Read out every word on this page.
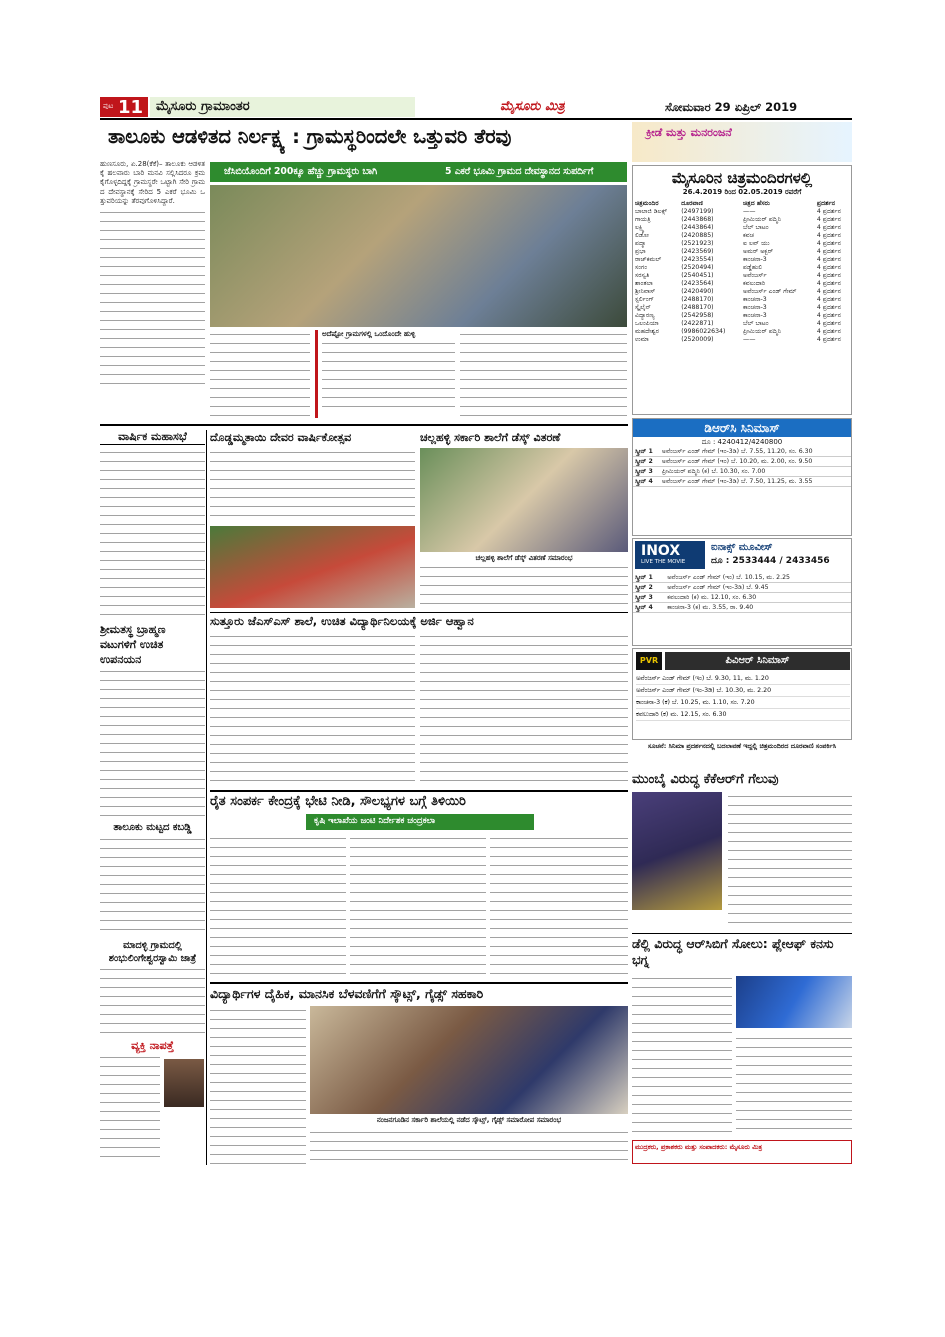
ಪುಟ 11 ಮೈಸೂರು ಗ್ರಾಮಾಂತರ	ಮೈಸೂರು ಮಿತ್ರ	ಸೋಮವಾರ 29 ಏಪ್ರಿಲ್ 2019
ತಾಲೂಕು ಆಡಳಿತದ ನಿರ್ಲಕ್ಷ್ಯ : ಗ್ರಾಮಸ್ಥರಿಂದಲೇ ಒತ್ತುವರಿ ತೆರವು
ಜೆಸಿಬಿಯೊಂದಿಗೆ 200ಕ್ಕೂ ಹೆಚ್ಚು ಗ್ರಾಮಸ್ಥರು ಬಾಗಿ	5 ಎಕರೆ ಭೂಮಿ ಗ್ರಾಮದ ದೇವಸ್ಥಾನದ ಸುಪರ್ದಿಗೆ

ಹುಣಸೂರು, ಏ.28(ಕೆಕೆ)– ತಾಲೂಕು ಆಡಳಿತಕ್ಕೆ ಹಲವಾರು ಬಾರಿ ಮನವಿ ಸಲ್ಲಿಸಿದರೂ ಕ್ರಮ ಕೈಗೊಳ್ಳದಿದ್ದಕ್ಕೆ ಗ್ರಾಮಸ್ಥರೇ ಒಟ್ಟಾಗಿ ಸೇರಿ ಗ್ರಾಮದ ದೇವಸ್ಥಾನಕ್ಕೆ ಸೇರಿದ 5 ಎಕರೆ ಭೂಮಿ ಒತ್ತುವರಿಯನ್ನು ತೆರವುಗೊಳಿಸಿದ್ದಾರೆ.

ಅದೆಷ್ಟೋ ಗ್ರಾಮಗಳಲ್ಲಿ ಒಂದೊಂದೇ ಹುಳ್ಳಿ
ಕ್ರೀಡೆ ಮತ್ತು ಮನರಂಜನೆ
ಮೈಸೂರಿನ ಚಿತ್ರಮಂದಿರಗಳಲ್ಲಿ
26.4.2019 ರಿಂದ 02.05.2019 ರವರೆಗೆ
ಚಿತ್ರಮಂದಿರ	ದೂರವಾಣಿ	ಚಿತ್ರದ ಹೆಸರು	ಪ್ರದರ್ಶನ
ಬಾಲಾಜಿ ಡಿಲಕ್ಸ್	(2497199)	——	4 ಪ್ರದರ್ಶನ
ಗಾಯತ್ರಿ	(2443868)	ಪ್ರೀಮಿಯರ್ ಪದ್ಮಿನಿ	4 ಪ್ರದರ್ಶನ
ಲಕ್ಷ್ಮಿ	(2443864)	ಬೆಲ್ ಬಾಟಂ	4 ಪ್ರದರ್ಶನ
ಲಿಡೋ	(2420885)	ಕವಚ	4 ಪ್ರದರ್ಶನ
ಪದ್ಮಾ	(2521923)	ಐ ಲವ್ ಯು	4 ಪ್ರದರ್ಶನ
ಪ್ರಭಾ	(2423569)	ಅಮರ್ ಅಕ್ಬರ್	4 ಪ್ರದರ್ಶನ
ರಾಜ್‌ಕಮಲ್	(2423554)	ಕಾಂಚನಾ-3	4 ಪ್ರದರ್ಶನ
ಸಂಗಂ	(2520494)	ಪಡ್ಡೆಹುಲಿ	4 ಪ್ರದರ್ಶನ
ಸರಸ್ವತಿ	(2540451)	ಅವೆಂಜರ್ಸ್	4 ಪ್ರದರ್ಶನ
ಶಾಂತಲಾ	(2423564)	ಕವಲುದಾರಿ	4 ಪ್ರದರ್ಶನ
ಶ್ರೀನಿವಾಸ್	(2420490)	ಅವೆಂಜರ್ಸ್ ಎಂಡ್ ಗೇಮ್	4 ಪ್ರದರ್ಶನ
ಸ್ಟರ್ಲಿಂಗ್	(2488170)	ಕಾಂಚನಾ-3	4 ಪ್ರದರ್ಶನ
ಸ್ಕೈಲೈನ್	(2488170)	ಕಾಂಚನಾ-3	4 ಪ್ರದರ್ಶನ
ವಿದ್ಯಾರಣ್ಯ	(2542958)	ಕಾಂಚನಾ-3	4 ಪ್ರದರ್ಶನ
ಒಲಂಪಿಯಾ	(2422871)	ಬೆಲ್ ಬಾಟಂ	4 ಪ್ರದರ್ಶನ
ಮಹದೇಶ್ವರ	(9986022634)	ಪ್ರೀಮಿಯರ್ ಪದ್ಮಿನಿ	4 ಪ್ರದರ್ಶನ
ಉಮಾ	(2520009)	——	4 ಪ್ರದರ್ಶನ
ಡಿಆರ್‌ಸಿ ಸಿನಿಮಾಸ್
ದೂ : 4240412/4240800
ಸ್ಕ್ರೀನ್ 1	ಅವೆಂಜರ್ಸ್ ಎಂಡ್ ಗೇಮ್ (ಇಂ-3ಡಿ) ಬೆ. 7.55, 11.20, ಸಂ. 6.30
ಸ್ಕ್ರೀನ್ 2	ಅವೆಂಜರ್ಸ್ ಎಂಡ್ ಗೇಮ್ (ಇಂ) ಬೆ. 10.20, ಮ. 2.00, ಸಂ. 9.50
ಸ್ಕ್ರೀನ್ 3	ಪ್ರೀಮಿಯರ್ ಪದ್ಮಿನಿ (ಕ) ಬೆ. 10.30, ಸಂ. 7.00
ಸ್ಕ್ರೀನ್ 4	ಅವೆಂಜರ್ಸ್ ಎಂಡ್ ಗೇಮ್ (ಇಂ-3ಡಿ) ಬೆ. 7.50, 11.25, ಮ. 3.55
INOX
LIVE THE MOVIE
ಐನಾಕ್ಸ್ ಮೂವೀಸ್
ದೂ : 2533444 / 2433456
ಸ್ಕ್ರೀನ್ 1	ಅವೆಂಜರ್ಸ್ ಎಂಡ್ ಗೇಮ್ (ಇಂ) ಬೆ. 10.15, ಮ. 2.25
ಸ್ಕ್ರೀನ್ 2	ಅವೆಂಜರ್ಸ್ ಎಂಡ್ ಗೇಮ್ (ಇಂ-3ಡಿ) ಬೆ. 9.45
ಸ್ಕ್ರೀನ್ 3	ಕವಲುದಾರಿ (ಕ) ಮ. 12.10, ಸಂ. 6.30
ಸ್ಕ್ರೀನ್ 4	ಕಾಂಚನಾ-3 (ಕ) ಮ. 3.55, ರಾ. 9.40
PVR	ಪಿವಿಆರ್ ಸಿನಿಮಾಸ್
ಅವೆಂಜರ್ಸ್ ಎಂಡ್ ಗೇಮ್ (ಇಂ) ಬೆ. 9.30, 11, ಮ. 1.20
ಅವೆಂಜರ್ಸ್ ಎಂಡ್ ಗೇಮ್ (ಇಂ-3ಡಿ) ಬೆ. 10.30, ಮ. 2.20
ಕಾಂಚನಾ-3 (ಕ) ಬೆ. 10.25, ಮ. 1.10, ಸಂ. 7.20
ಕವಲುದಾರಿ (ಕ) ಮ. 12.15, ಸಂ. 6.30
ಸೂಚನೆ: ಸಿನಿಮಾ ಪ್ರದರ್ಶನದಲ್ಲಿ ಬದಲಾವಣೆ ಇದ್ದಲ್ಲಿ ಚಿತ್ರಮಂದಿರದ ದೂರವಾಣಿ ಸಂಪರ್ಕಿಸಿ
ಮುಂಬೈ ವಿರುದ್ಧ ಕೆಕೆಆರ್‌ಗೆ ಗೆಲುವು
ಡೆಲ್ಲಿ ವಿರುದ್ಧ ಆರ್‌ಸಿಬಿಗೆ ಸೋಲು: ಪ್ಲೇಆಫ್ ಕನಸು ಭಗ್ನ
ಮುದ್ರಕರು, ಪ್ರಕಾಶಕರು ಮತ್ತು ಸಂಪಾದಕರು: ಮೈಸೂರು ಮಿತ್ರ
ವಾರ್ಷಿಕ ಮಹಾಸಭೆ
ಶ್ರೀಮತಸ್ಥ ಬ್ರಾಹ್ಮಣ ವಟುಗಳಿಗೆ ಉಚಿತ ಉಪನಯನ
ತಾಲೂಕು ಮಟ್ಟದ ಕಬಡ್ಡಿ
ಮಾದಳ್ಳಿ ಗ್ರಾಮದಲ್ಲಿ ಶಂಭುಲಿಂಗೇಶ್ವರಸ್ವಾಮಿ ಜಾತ್ರೆ
ವ್ಯಕ್ತಿ ನಾಪತ್ತೆ
ದೊಡ್ಡಮ್ಮತಾಯಿ ದೇವರ ವಾರ್ಷಿಕೋತ್ಸವ	ಚಲ್ಲಹಳ್ಳಿ ಸರ್ಕಾರಿ ಶಾಲೆಗೆ ಡೆಸ್ಕ್ ವಿತರಣೆ
ಚಲ್ಲಹಳ್ಳಿ ಶಾಲೆಗೆ ಡೆಸ್ಕ್ ವಿತರಣೆ ಸಮಾರಂಭ
ಸುತ್ತೂರು ಜೆಎಸ್‌ಎಸ್ ಶಾಲೆ, ಉಚಿತ ವಿದ್ಯಾರ್ಥಿನಿಲಯಕ್ಕೆ ಅರ್ಜಿ ಆಹ್ವಾನ
ರೈತ ಸಂಪರ್ಕ ಕೇಂದ್ರಕ್ಕೆ ಭೇಟಿ ನೀಡಿ, ಸೌಲಭ್ಯಗಳ ಬಗ್ಗೆ ತಿಳಿಯಿರಿ
ಕೃಷಿ ಇಲಾಖೆಯ ಜಂಟಿ ನಿರ್ದೇಶಕ ಚಂದ್ರಕಲಾ
ವಿದ್ಯಾರ್ಥಿಗಳ ದೈಹಿಕ, ಮಾನಸಿಕ ಬೆಳವಣಿಗೆಗೆ ಸ್ಕೌಟ್ಸ್, ಗೈಡ್ಸ್ ಸಹಕಾರಿ
ನಂಜನಗೂಡಿನ ಸರ್ಕಾರಿ ಶಾಲೆಯಲ್ಲಿ ನಡೆದ ಸ್ಕೌಟ್ಸ್, ಗೈಡ್ಸ್ ಸಮಾರೋಪ ಸಮಾರಂಭ
